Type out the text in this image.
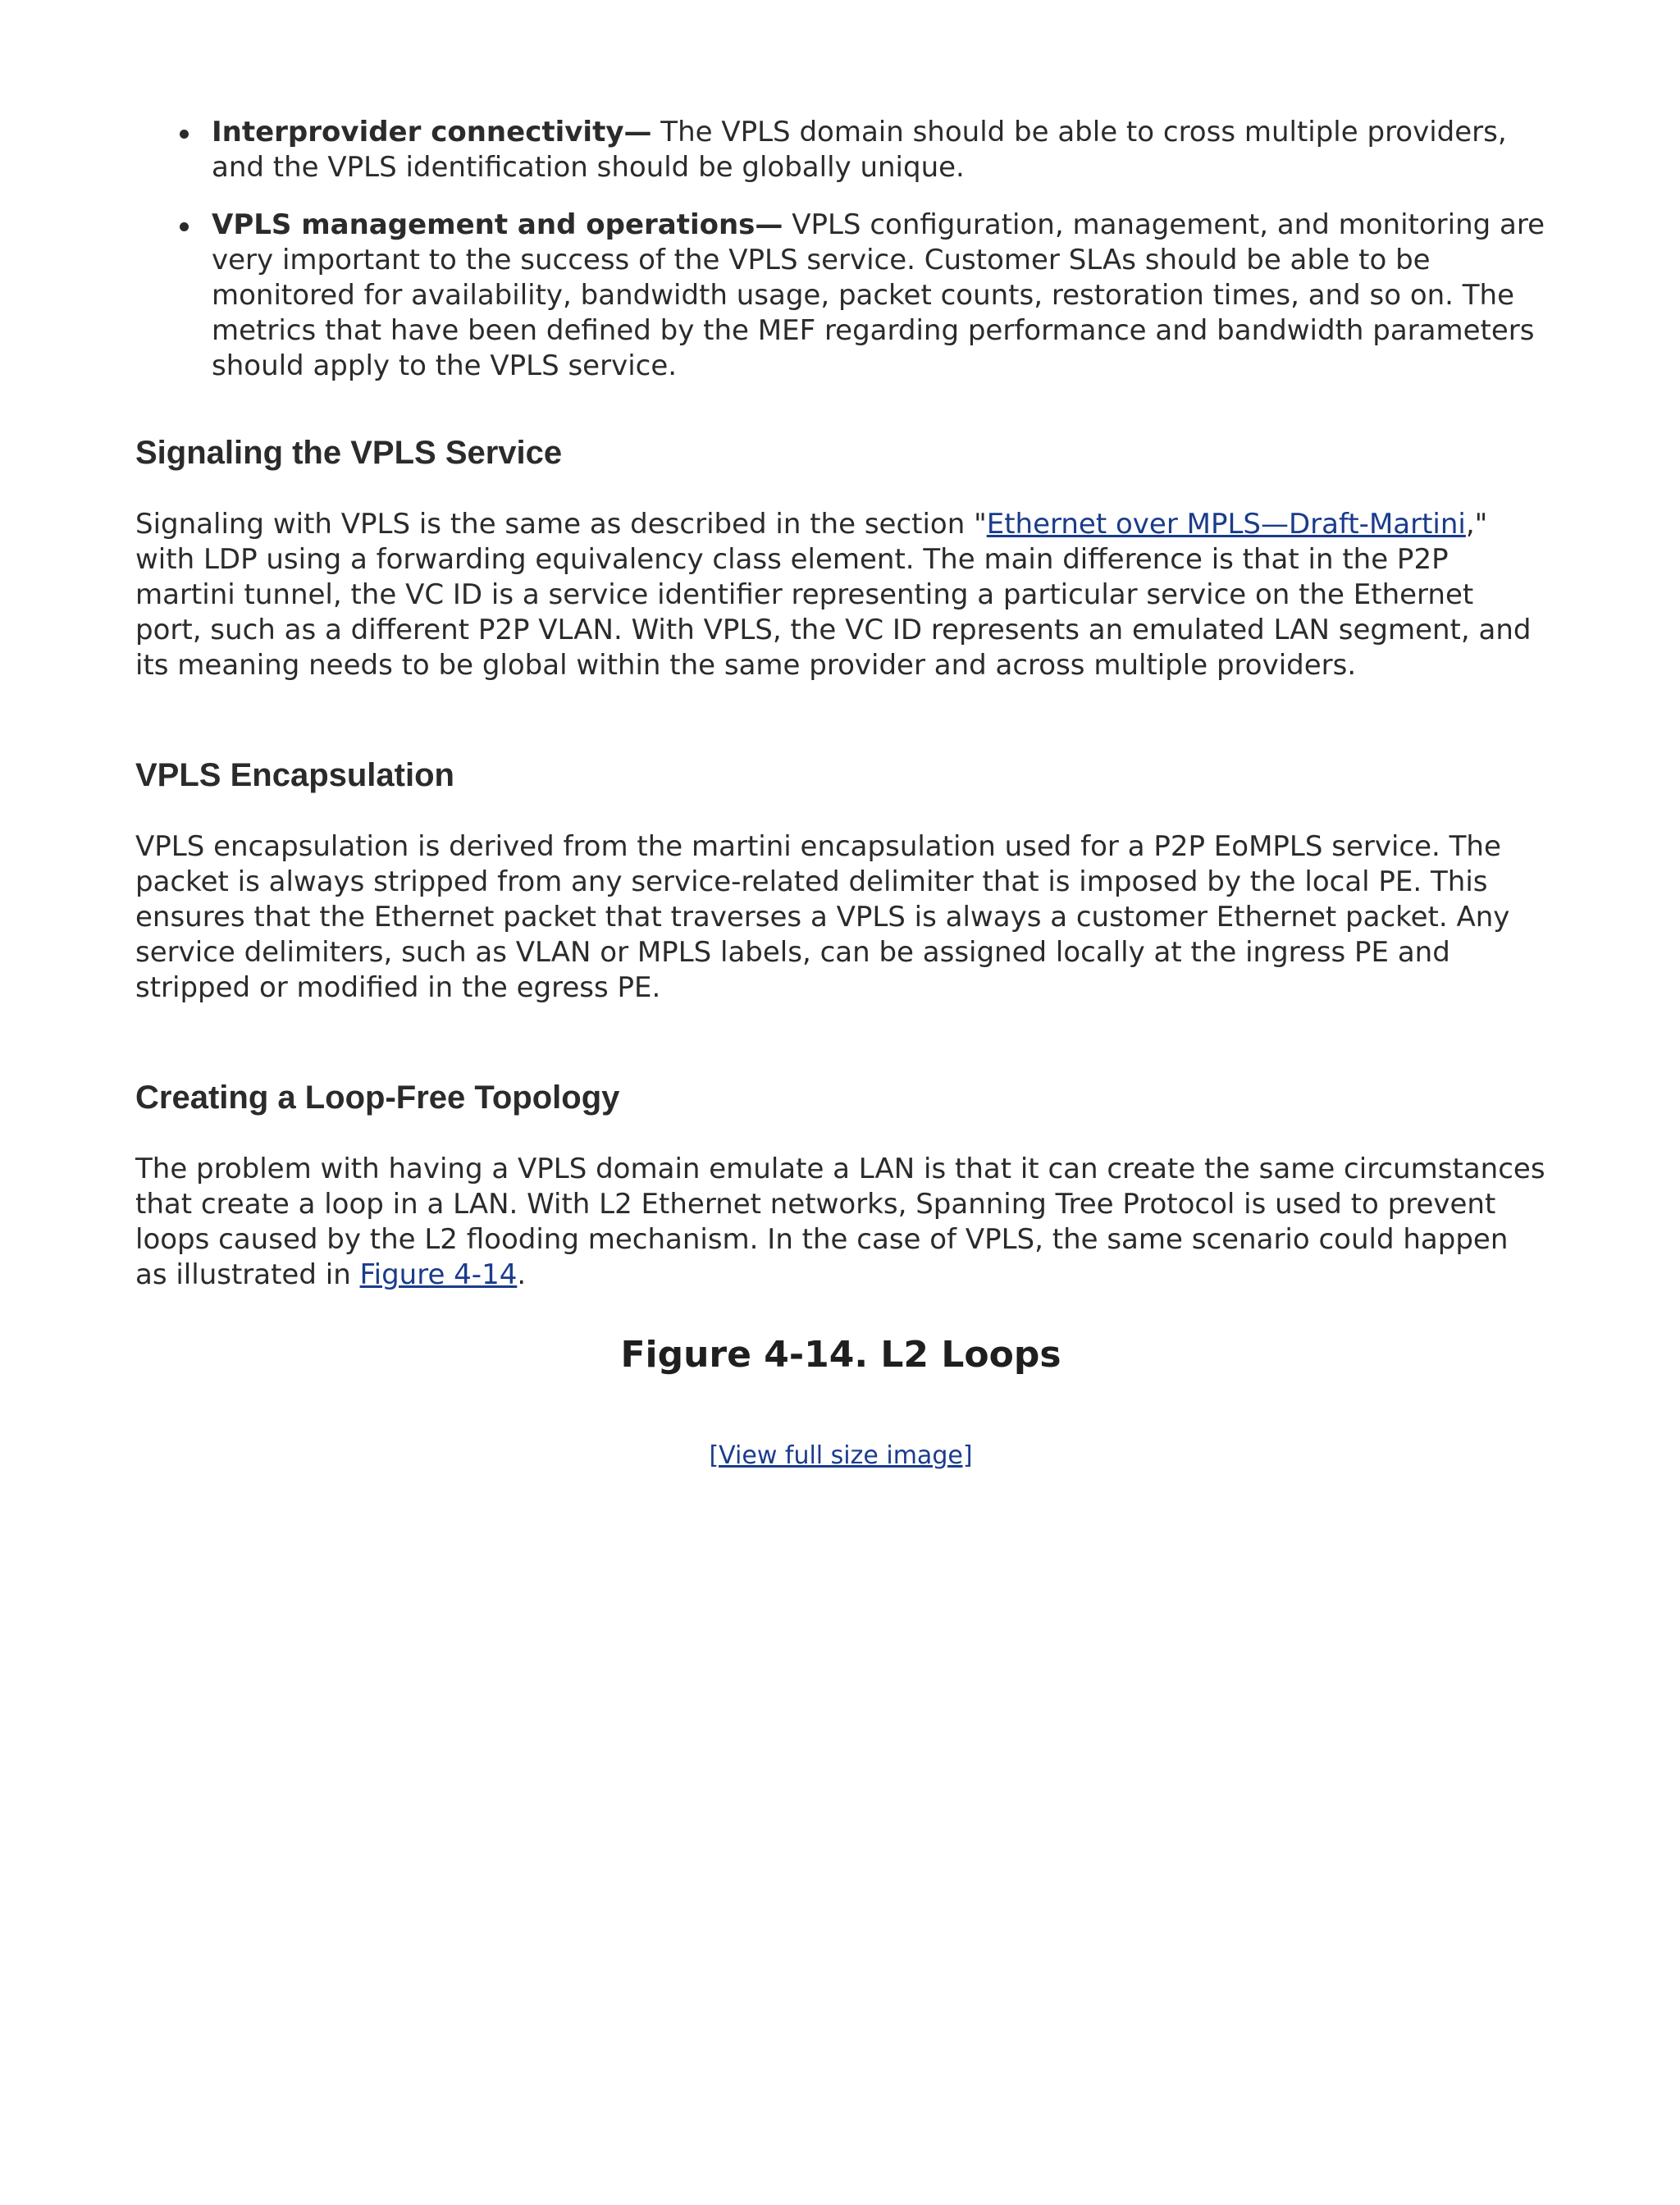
Interprovider connectivity— The VPLS domain should be able to cross multiple providers, and the VPLS identification should be globally unique.
VPLS management and operations— VPLS configuration, management, and monitoring are very important to the success of the VPLS service. Customer SLAs should be able to be monitored for availability, bandwidth usage, packet counts, restoration times, and so on. The metrics that have been defined by the MEF regarding performance and bandwidth parameters should apply to the VPLS service.
Signaling the VPLS Service

Signaling with VPLS is the same as described in the section "Ethernet over MPLS—Draft-Martini," with LDP using a forwarding equivalency class element. The main difference is that in the P2P martini tunnel, the VC ID is a service identifier representing a particular service on the Ethernet port, such as a different P2P VLAN. With VPLS, the VC ID represents an emulated LAN segment, and its meaning needs to be global within the same provider and across multiple providers.

VPLS Encapsulation

VPLS encapsulation is derived from the martini encapsulation used for a P2P EoMPLS service. The packet is always stripped from any service-related delimiter that is imposed by the local PE. This ensures that the Ethernet packet that traverses a VPLS is always a customer Ethernet packet. Any service delimiters, such as VLAN or MPLS labels, can be assigned locally at the ingress PE and stripped or modified in the egress PE.

Creating a Loop-Free Topology

The problem with having a VPLS domain emulate a LAN is that it can create the same circumstances that create a loop in a LAN. With L2 Ethernet networks, Spanning Tree Protocol is used to prevent loops caused by the L2 flooding mechanism. In the case of VPLS, the same scenario could happen as illustrated in Figure 4-14.

Figure 4-14. L2 Loops
[View full size image]
